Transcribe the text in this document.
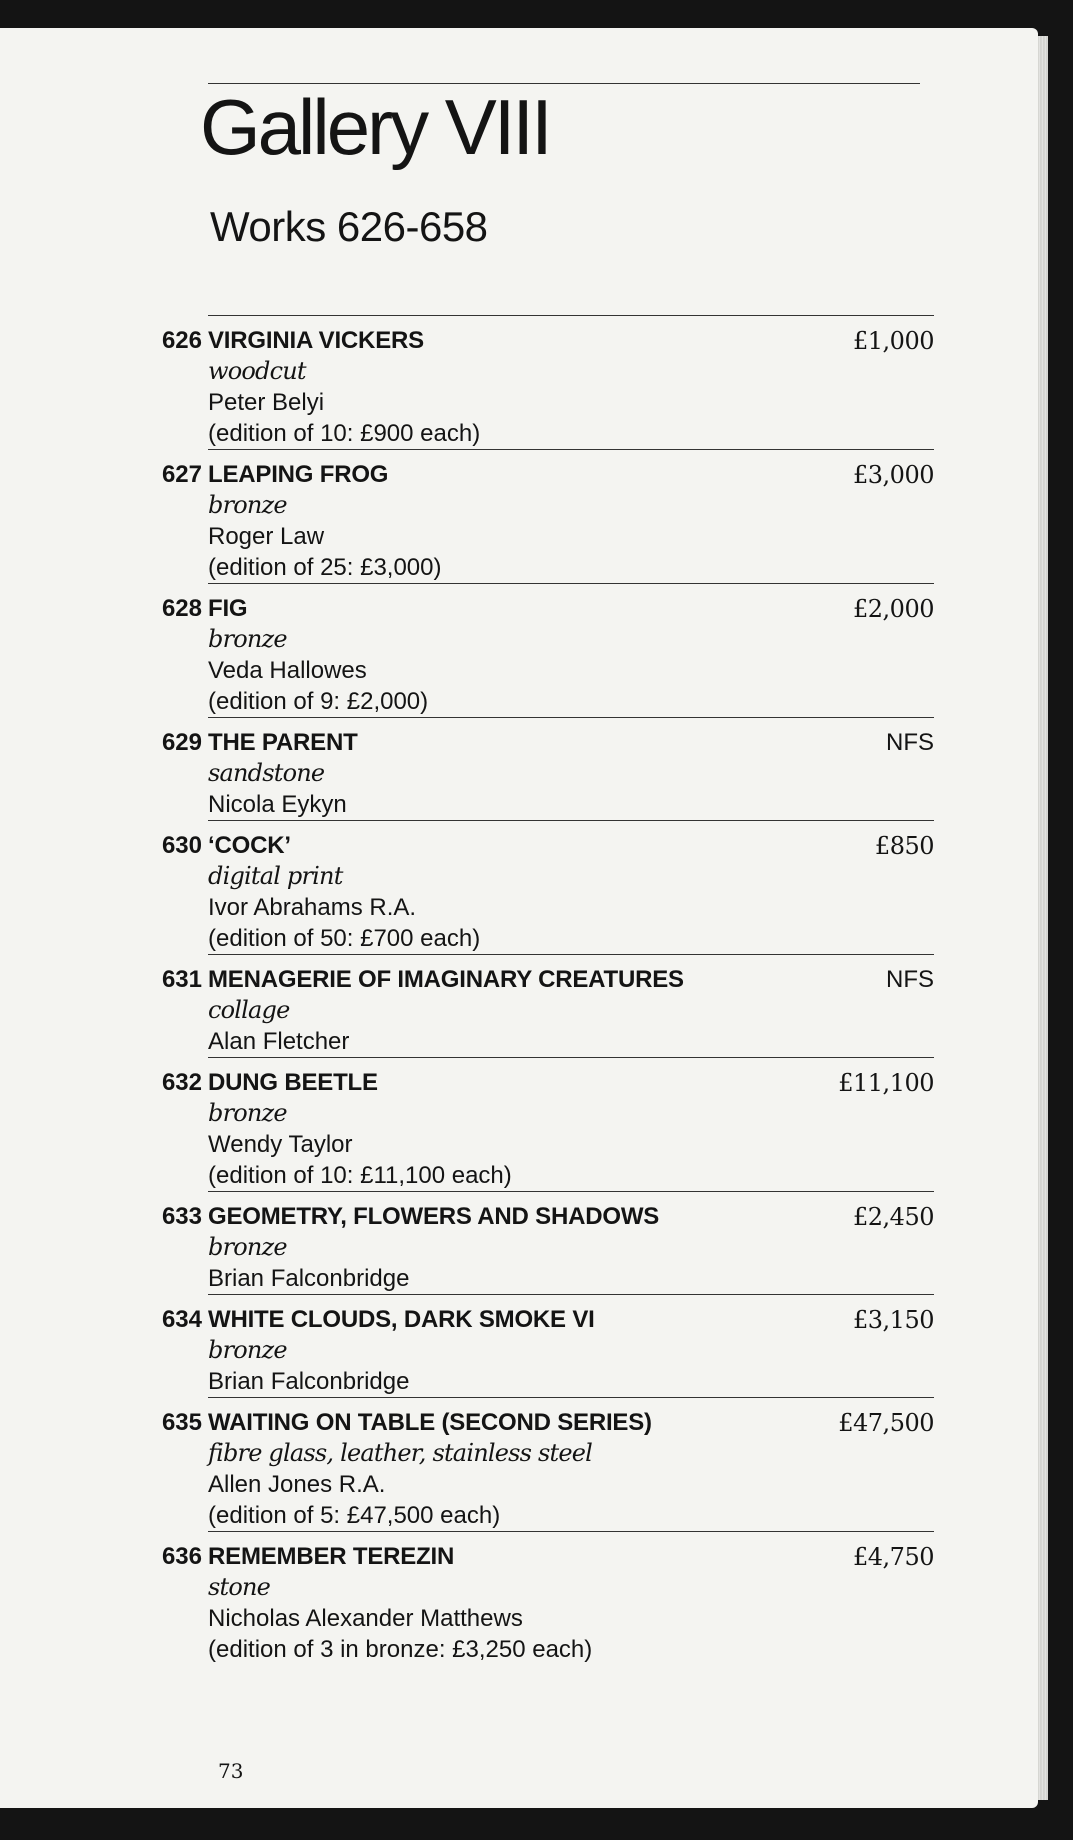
Gallery VIII
Works 626-658
626 VIRGINIA VICKERS
woodcut
Peter Belyi
(edition of 10: £900 each)
£1,000
627 LEAPING FROG
bronze
Roger Law
(edition of 25: £3,000)
£3,000
628 FIG
bronze
Veda Hallowes
(edition of 9: £2,000)
£2,000
629 THE PARENT
sandstone
Nicola Eykyn
NFS
630 ‘COCK’
digital print
Ivor Abrahams R.A.
(edition of 50: £700 each)
£850
631 MENAGERIE OF IMAGINARY CREATURES
collage
Alan Fletcher
NFS
632 DUNG BEETLE
bronze
Wendy Taylor
(edition of 10: £11,100 each)
£11,100
633 GEOMETRY, FLOWERS AND SHADOWS
bronze
Brian Falconbridge
£2,450
634 WHITE CLOUDS, DARK SMOKE VI
bronze
Brian Falconbridge
£3,150
635 WAITING ON TABLE (SECOND SERIES)
fibre glass, leather, stainless steel
Allen Jones R.A.
(edition of 5: £47,500 each)
£47,500
636 REMEMBER TEREZIN
stone
Nicholas Alexander Matthews
(edition of 3 in bronze: £3,250 each)
£4,750
73
